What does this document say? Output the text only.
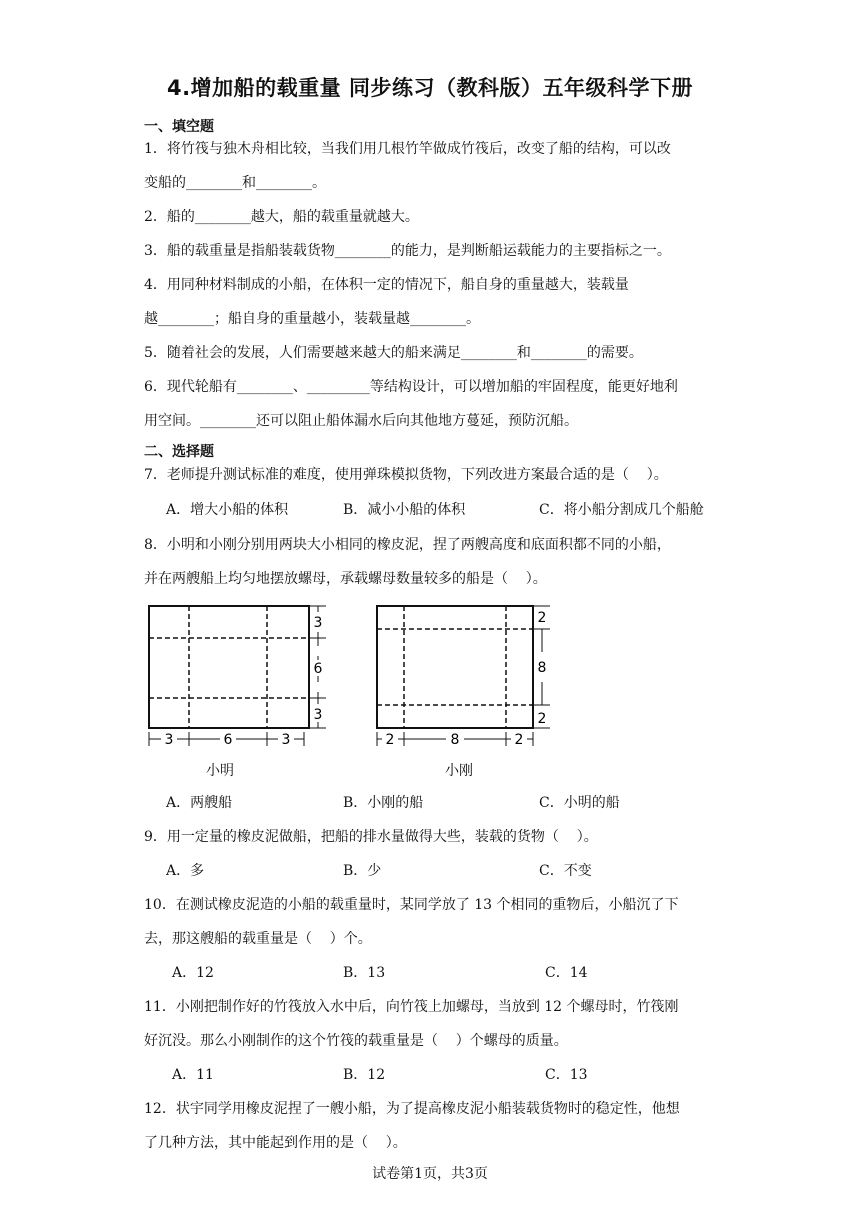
4.增加船的载重量 同步练习（教科版）五年级科学下册
一、填空题
1．将竹筏与独木舟相比较，当我们用几根竹竿做成竹筏后，改变了船的结构，可以改
变船的________和________。
2．船的________越大，船的载重量就越大。
3．船的载重量是指船装载货物________的能力，是判断船运载能力的主要指标之一。
4．用同种材料制成的小船，在体积一定的情况下，船自身的重量越大，装载量
越________；船自身的重量越小，装载量越________。
5．随着社会的发展，人们需要越来越大的船来满足________和________的需要。
6．现代轮船有________、_________等结构设计，可以增加船的牢固程度，能更好地利
用空间。________还可以阻止船体漏水后向其他地方蔓延，预防沉船。
二、选择题
7．老师提升测试标准的难度，使用弹珠模拟货物，下列改进方案最合适的是（    ）。
A．增大小船的体积	B．减小小船的体积	C．将小船分割成几个船舱
8．小明和小刚分别用两块大小相同的橡皮泥，捏了两艘高度和底面积都不同的小船，
并在两艘船上均匀地摆放螺母，承载螺母数量较多的船是（    ）。
3
6
3
3	6	3
2
8
2
2	8	2
小明	小刚
A．两艘船	B．小刚的船	C．小明的船
9．用一定量的橡皮泥做船，把船的排水量做得大些，装载的货物（    ）。
A．多	B．少	C．不变
10．在测试橡皮泥造的小船的载重量时，某同学放了 13 个相同的重物后，小船沉了下
去，那这艘船的载重量是（    ）个。
A．12	B．13	C．14
11．小刚把制作好的竹筏放入水中后，向竹筏上加螺母，当放到 12 个螺母时，竹筏刚
好沉没。那么小刚制作的这个竹筏的载重量是（    ）个螺母的质量。
A．11	B．12	C．13
12．状宇同学用橡皮泥捏了一艘小船，为了提高橡皮泥小船装载货物时的稳定性，他想
了几种方法，其中能起到作用的是（    ）。
试卷第1页，共3页
